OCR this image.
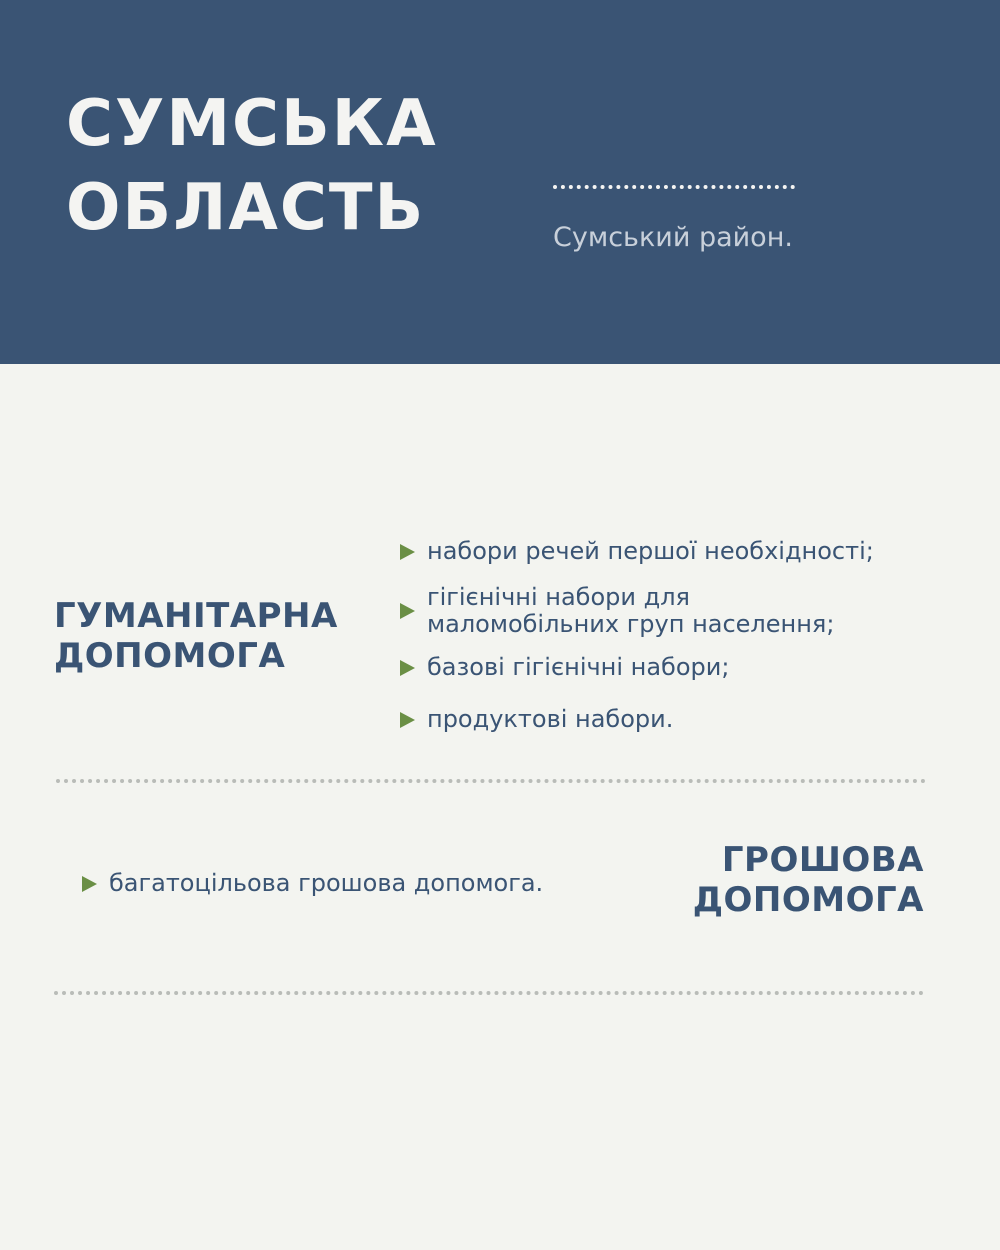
СУМСЬКА
ОБЛАСТЬ	Сумський район.
ГУМАНІТАРНА
ДОПОМОГА
набори речей першої необхідності;
гігієнічні набори для
маломобільних груп населення;
базові гігієнічні набори;
продуктові набори.
багатоцільова грошова допомога.
ГРОШОВА
ДОПОМОГА
